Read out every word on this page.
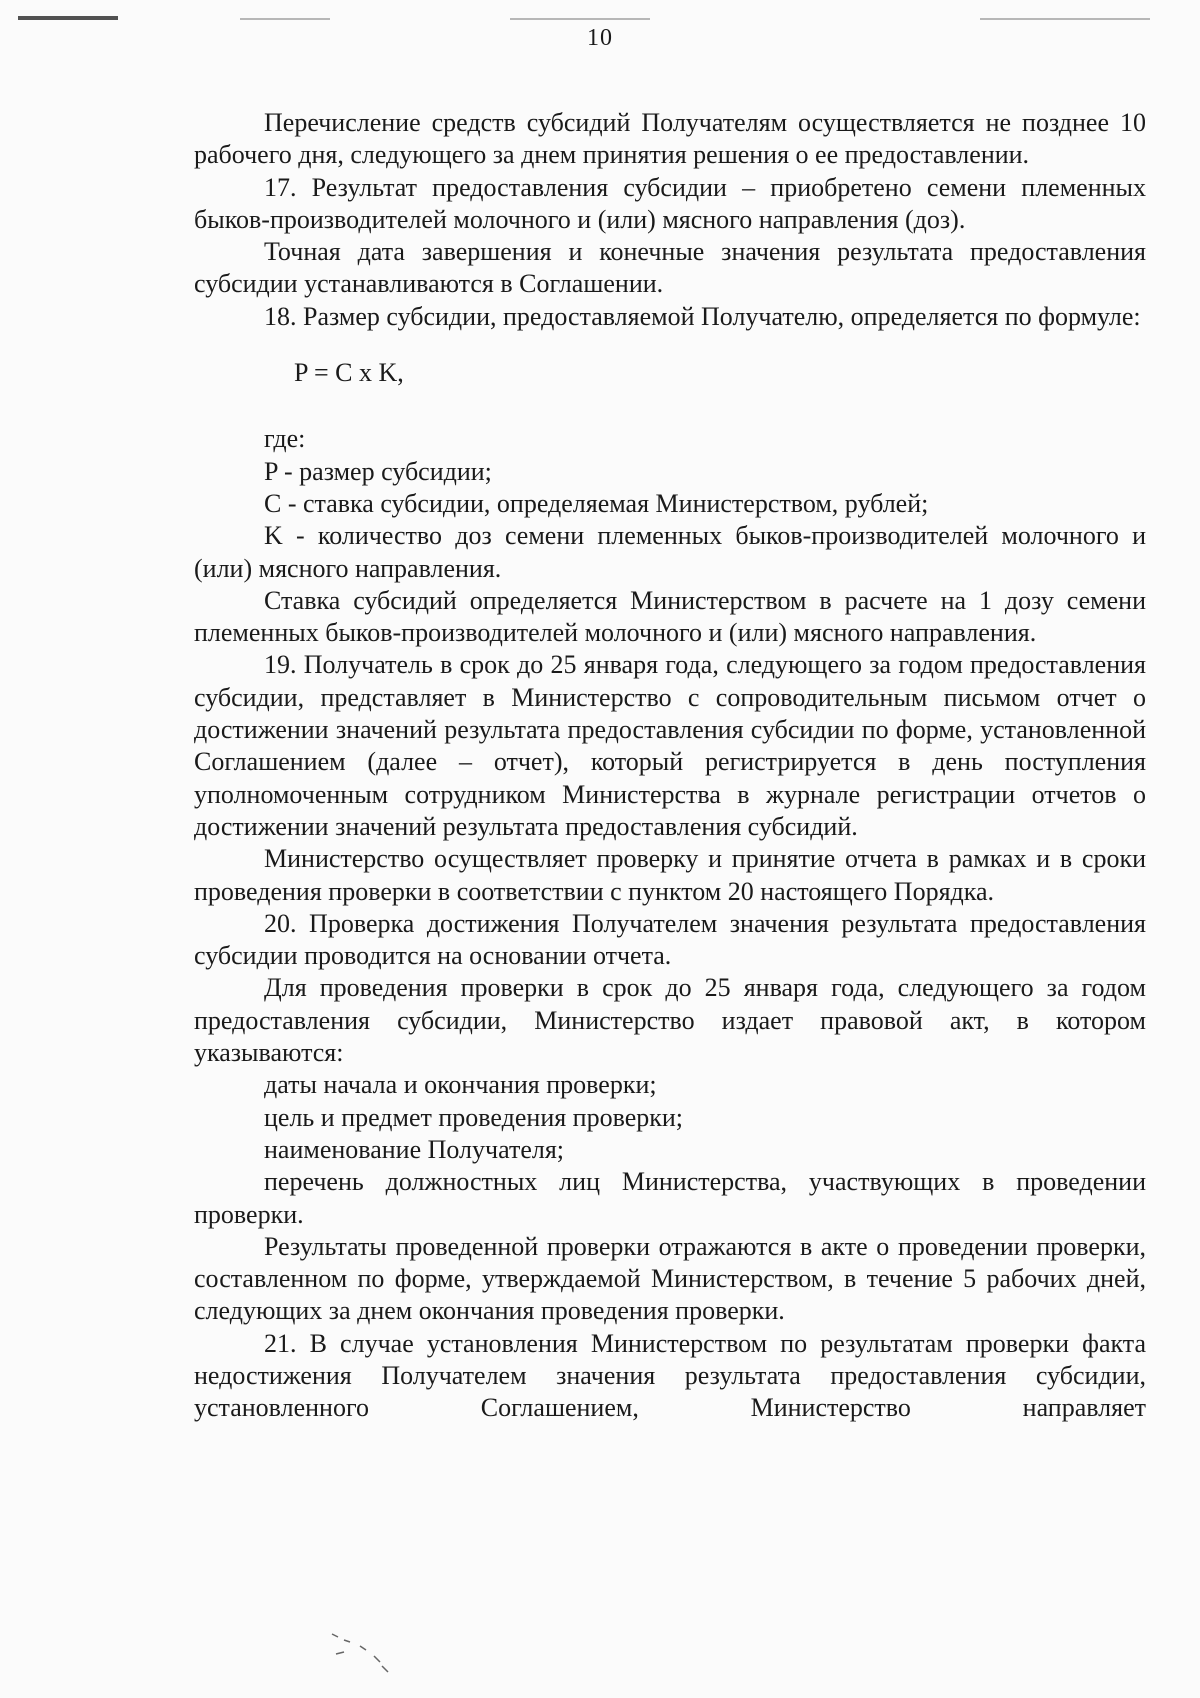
10

Перечисление средств субсидий Получателям осуществляется не позднее 10 рабочего дня, следующего за днем принятия решения о ее предоставлении.

17. Результат предоставления субсидии – приобретено семени племенных быков-производителей молочного и (или) мясного направления (доз).

Точная дата завершения и конечные значения результата предоставления субсидии устанавливаются в Соглашении.

18. Размер субсидии, предоставляемой Получателю, определяется по формуле:

P = C x K,

где:

P - размер субсидии;

C - ставка субсидии, определяемая Министерством, рублей;

K - количество доз семени племенных быков-производителей молочного и (или) мясного направления.

Ставка субсидий определяется Министерством в расчете на 1 дозу семени племенных быков-производителей молочного и (или) мясного направления.

19. Получатель в срок до 25 января года, следующего за годом предоставления субсидии, представляет в Министерство с сопроводительным письмом отчет о достижении значений результата предоставления субсидии по форме, установленной Соглашением (далее – отчет), который регистрируется в день поступления уполномоченным сотрудником Министерства в журнале регистрации отчетов о достижении значений результата предоставления субсидий.

Министерство осуществляет проверку и принятие отчета в рамках и в сроки проведения проверки в соответствии с пунктом 20 настоящего Порядка.

20. Проверка достижения Получателем значения результата предоставления субсидии проводится на основании отчета.

Для проведения проверки в срок до 25 января года, следующего за годом предоставления субсидии, Министерство издает правовой акт, в котором указываются:

даты начала и окончания проверки;

цель и предмет проведения проверки;

наименование Получателя;

перечень должностных лиц Министерства, участвующих в проведении проверки.

Результаты проведенной проверки отражаются в акте о проведении проверки, составленном по форме, утверждаемой Министерством, в течение 5 рабочих дней, следующих за днем окончания проведения проверки.

21. В случае установления Министерством по результатам проверки факта недостижения Получателем значения результата предоставления субсидии, установленного Соглашением, Министерство направляет
